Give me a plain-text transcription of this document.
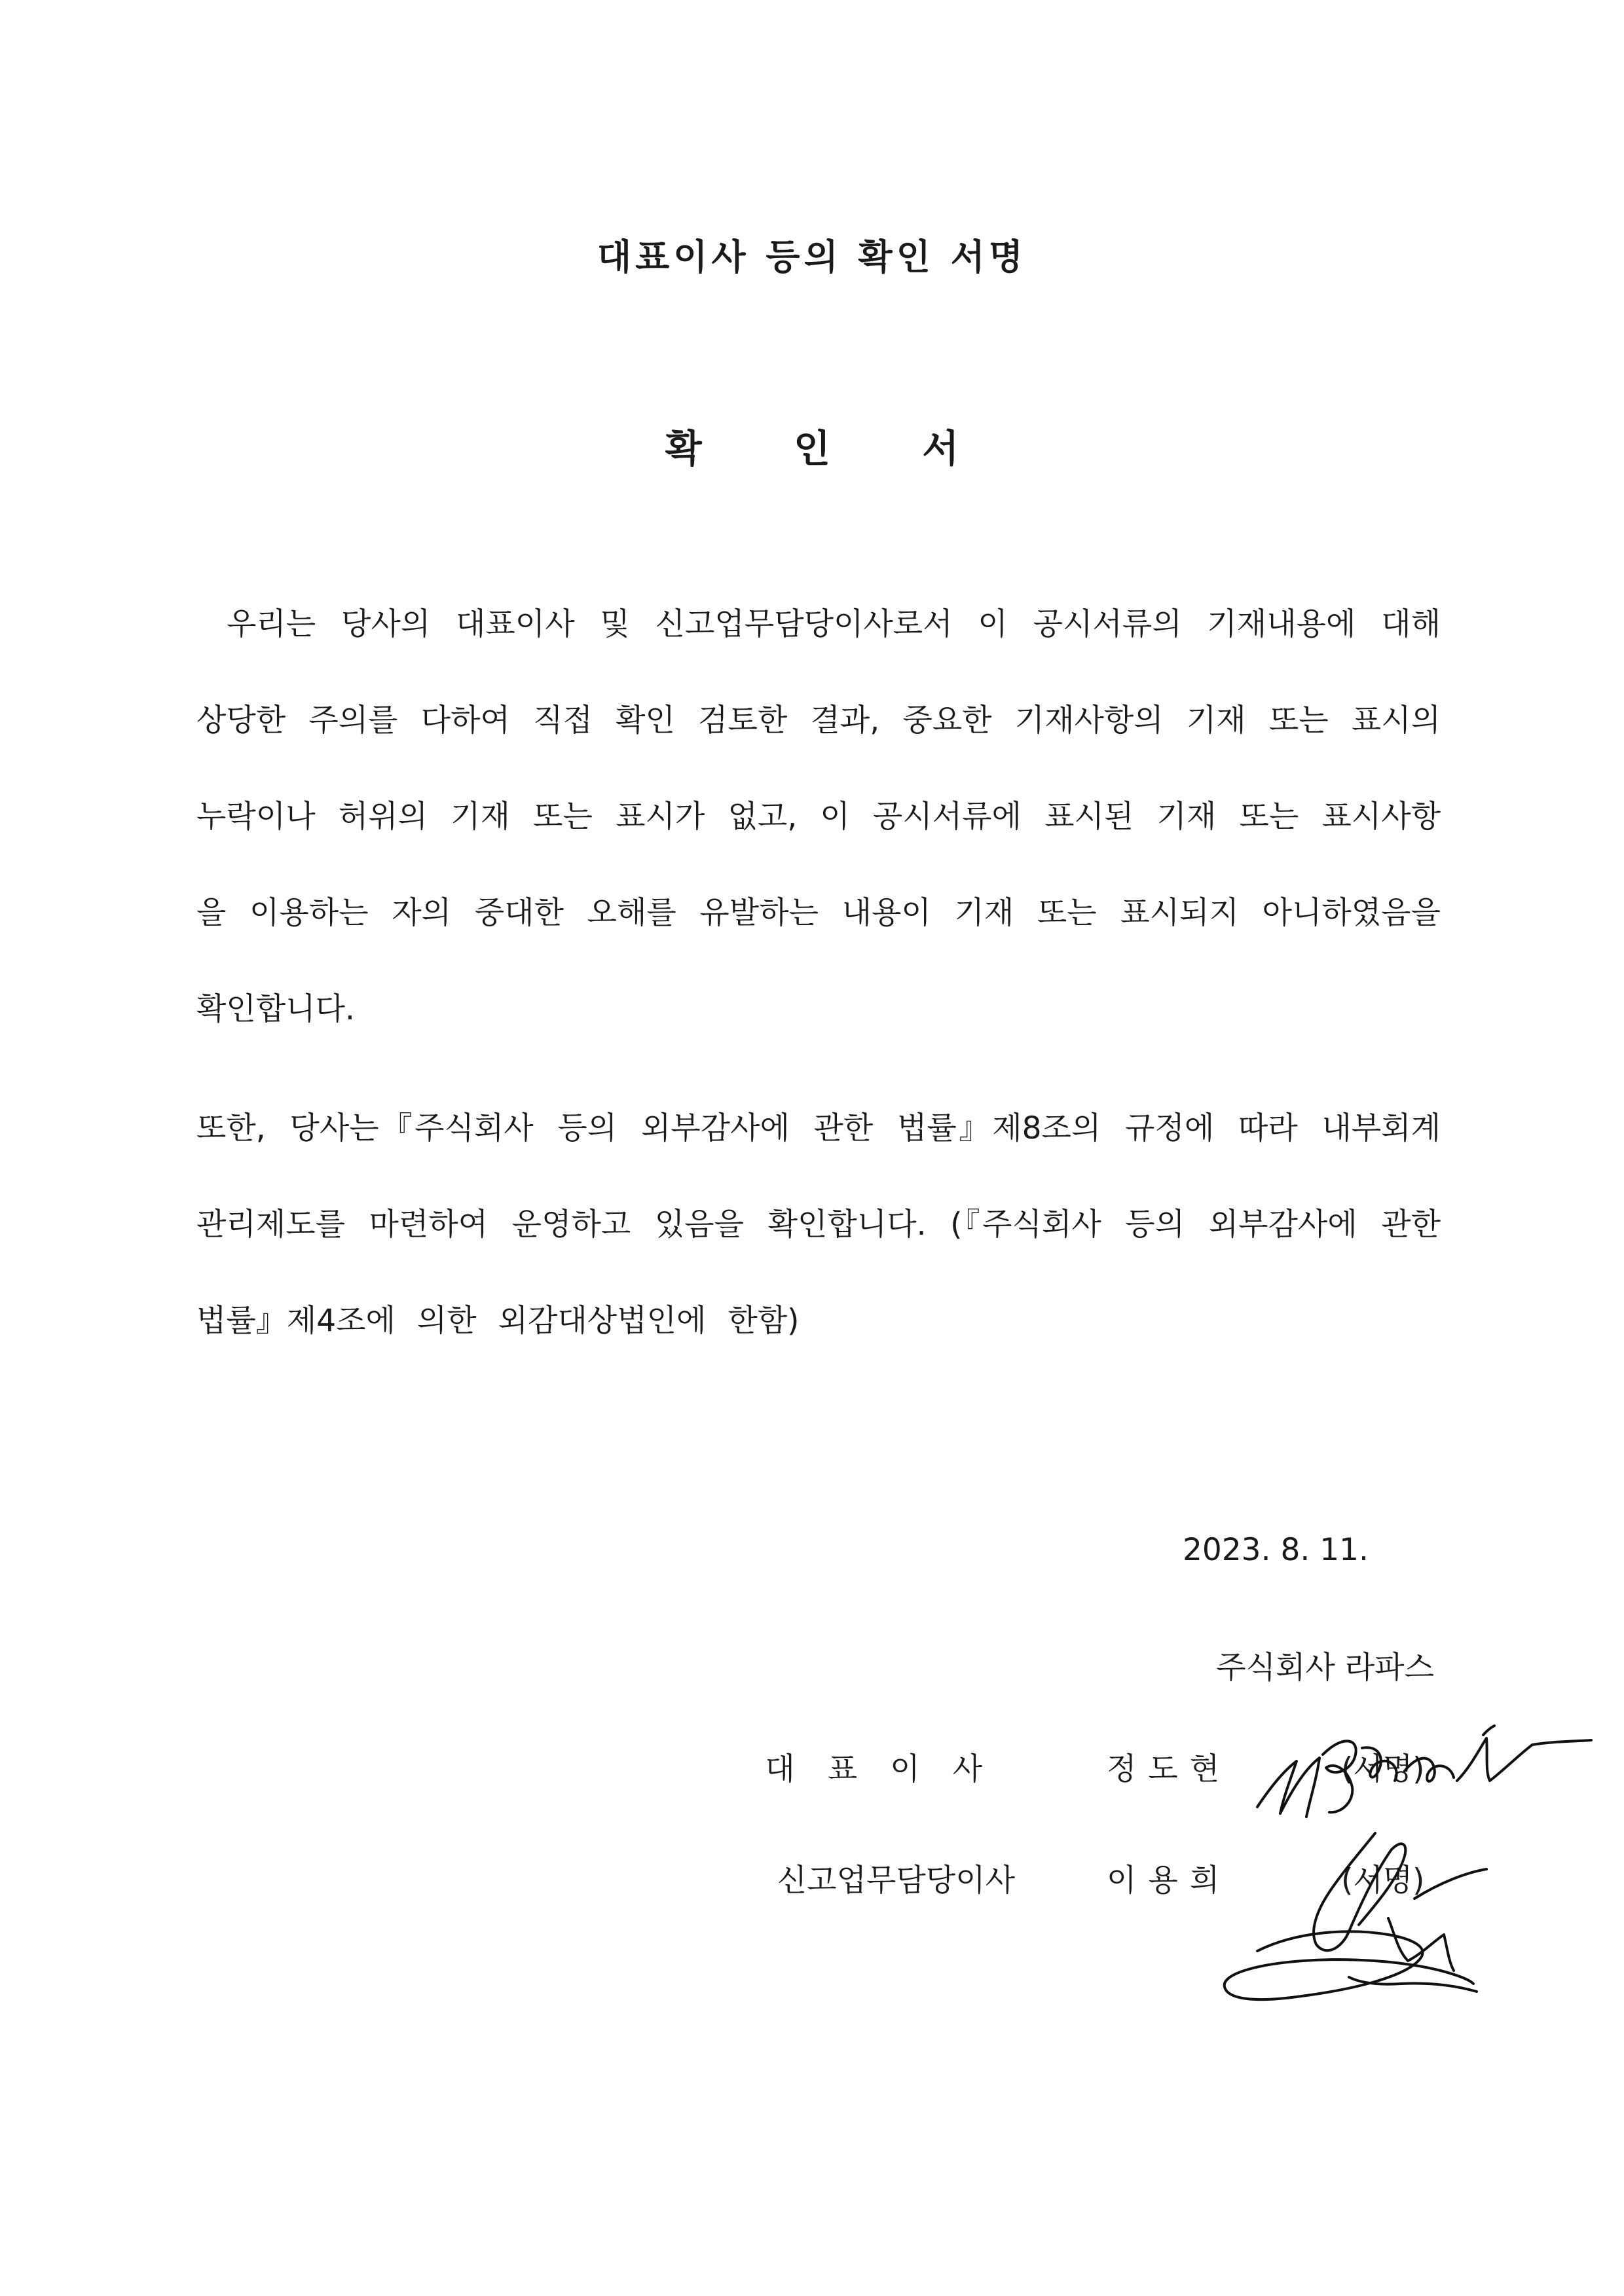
대표이사 등의 확인 서명
확 인 서

우리는 당사의 대표이사 및 신고업무담당이사로서 이 공시서류의 기재내용에 대해 상당한 주의를 다하여 직접 확인 검토한 결과, 중요한 기재사항의 기재 또는 표시의 누락이나 허위의 기재 또는 표시가 없고, 이 공시서류에 표시된 기재 또는 표시사항을 이용하는 자의 중대한 오해를 유발하는 내용이 기재 또는 표시되지 아니하였음을 확인합니다.

또한, 당사는『주식회사 등의 외부감사에 관한 법률』제8조의 규정에 따라 내부회계관리제도를 마련하여 운영하고 있음을 확인합니다. (『주식회사 등의 외부감사에 관한 법률』제4조에 의한 외감대상법인에 한함)

2023. 8. 11.

주식회사 라파스

대표이사	정도현	(서명)
신고업무담당이사	이용희	(서명)
